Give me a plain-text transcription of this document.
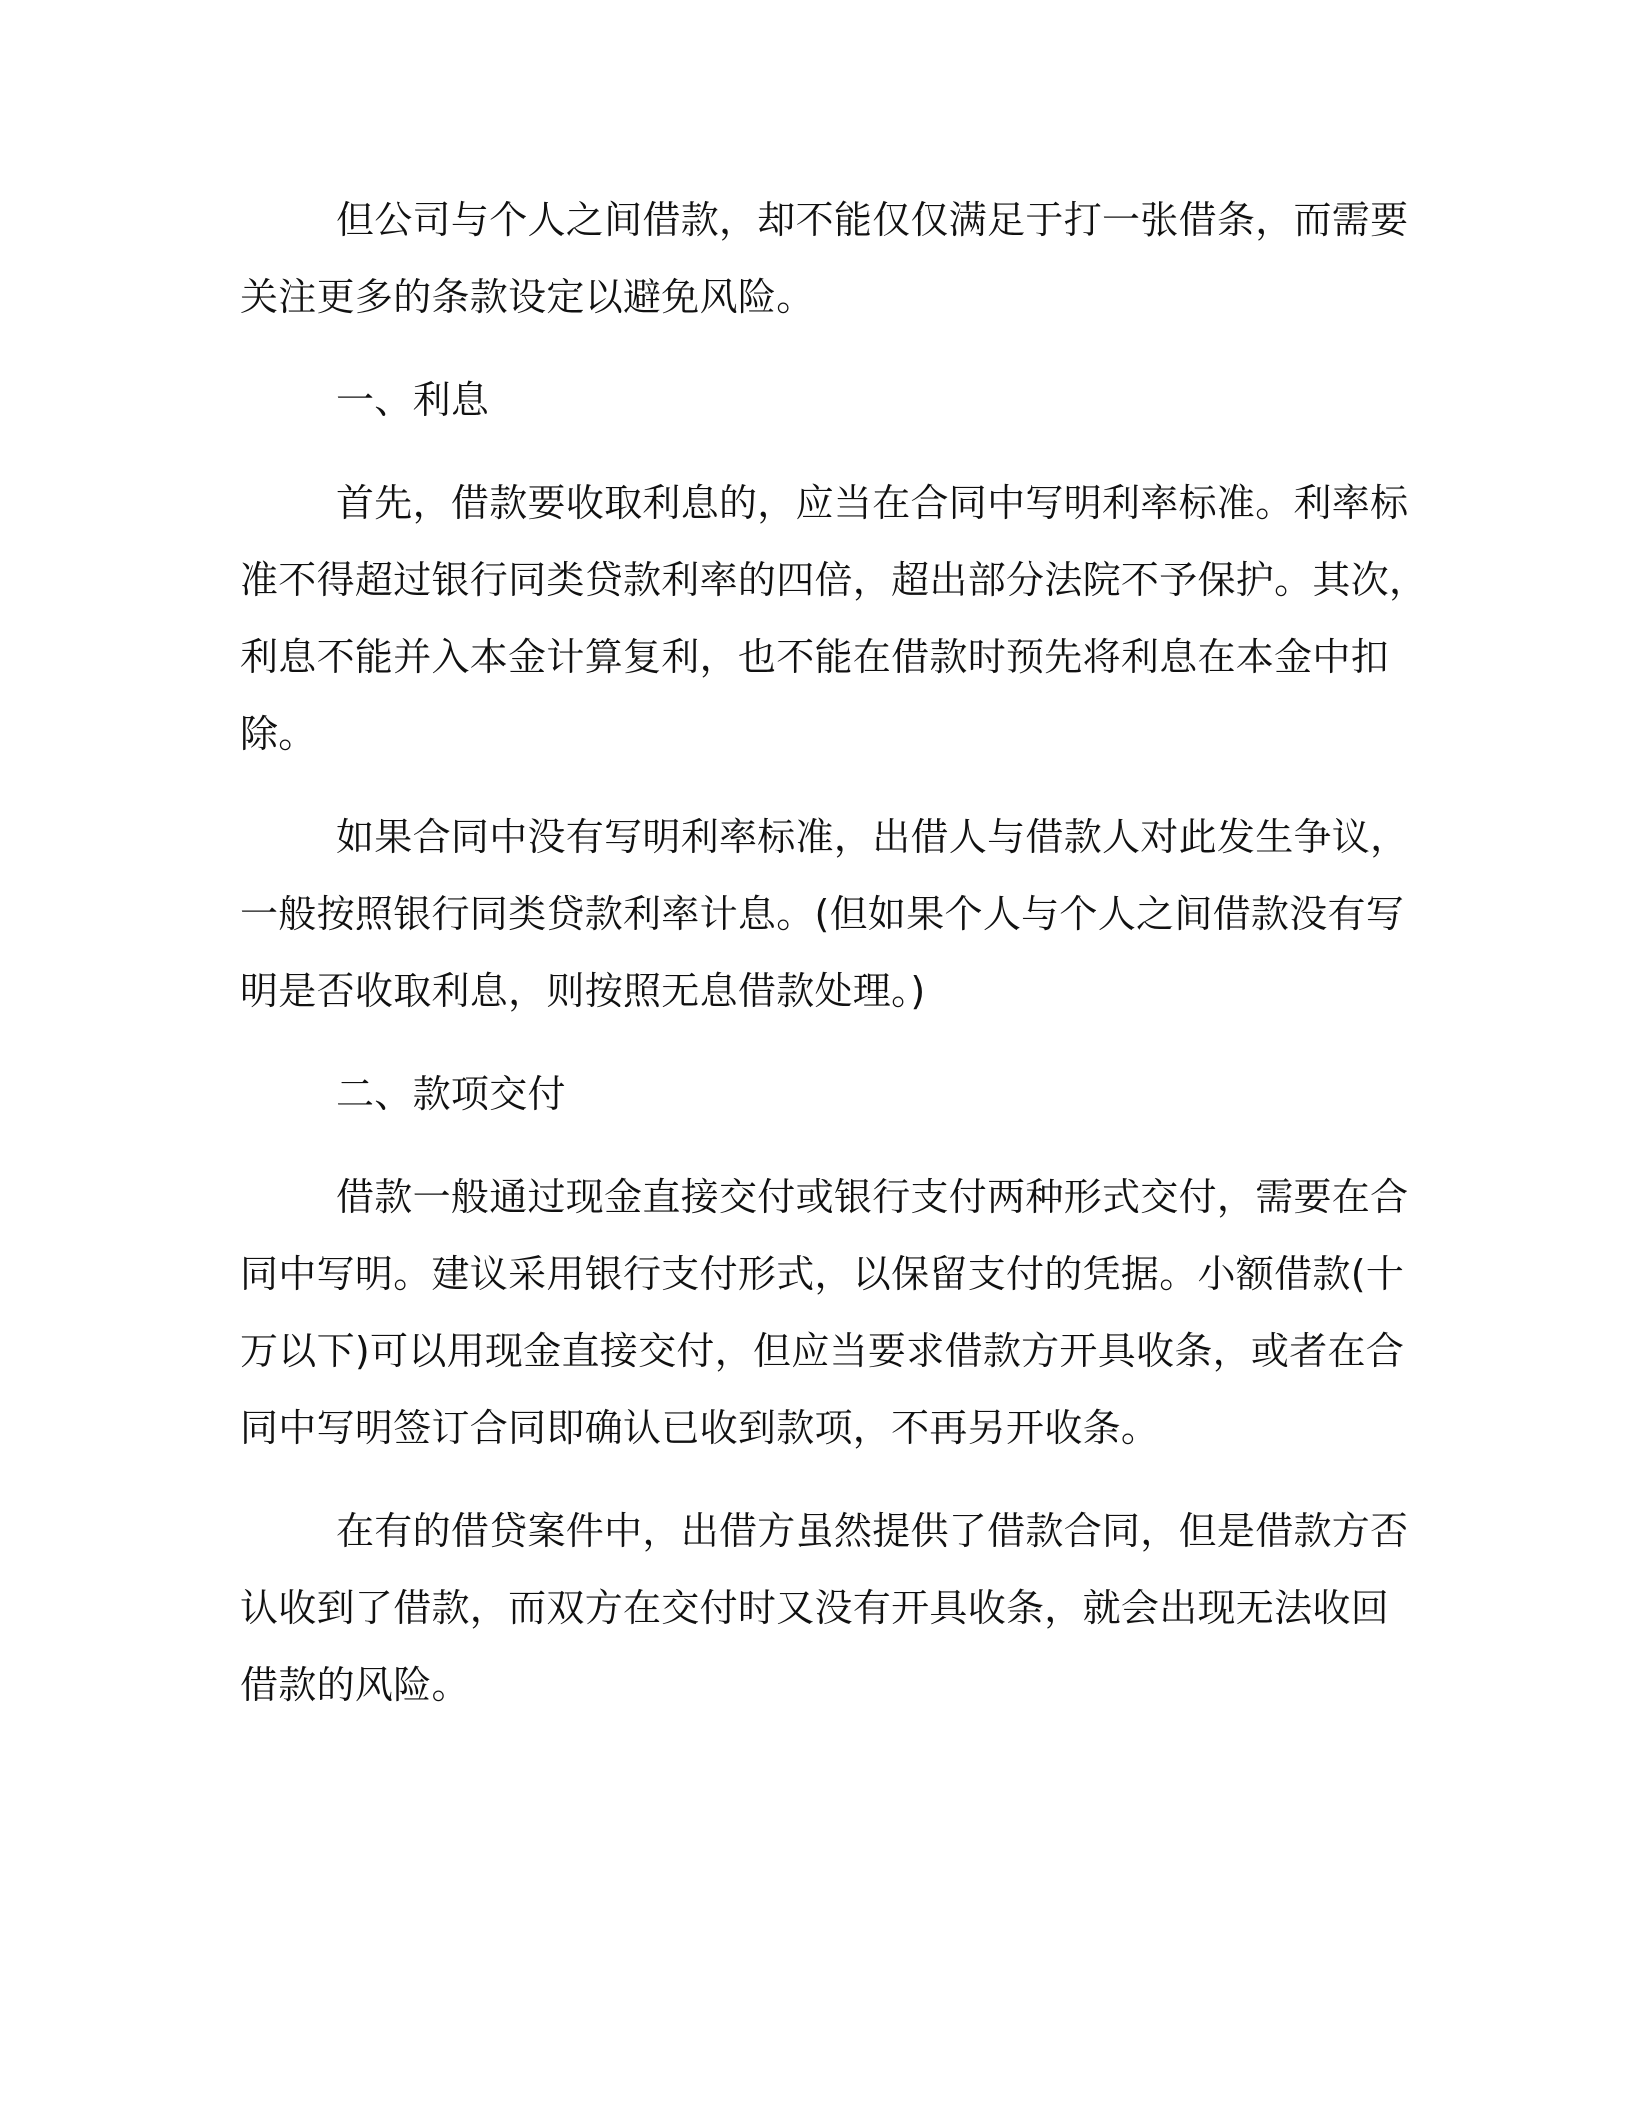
但公司与个人之间借款，却不能仅仅满足于打一张借条，而需要
关注更多的条款设定以避免风险。
一、利息
首先，借款要收取利息的，应当在合同中写明利率标准。利率标
准不得超过银行同类贷款利率的四倍，超出部分法院不予保护。其次，
利息不能并入本金计算复利，也不能在借款时预先将利息在本金中扣
除。
如果合同中没有写明利率标准，出借人与借款人对此发生争议，
一般按照银行同类贷款利率计息。(但如果个人与个人之间借款没有写
明是否收取利息，则按照无息借款处理。)
二、款项交付
借款一般通过现金直接交付或银行支付两种形式交付，需要在合
同中写明。建议采用银行支付形式，以保留支付的凭据。小额借款(十
万以下)可以用现金直接交付，但应当要求借款方开具收条，或者在合
同中写明签订合同即确认已收到款项，不再另开收条。
在有的借贷案件中，出借方虽然提供了借款合同，但是借款方否
认收到了借款，而双方在交付时又没有开具收条，就会出现无法收回
借款的风险。
